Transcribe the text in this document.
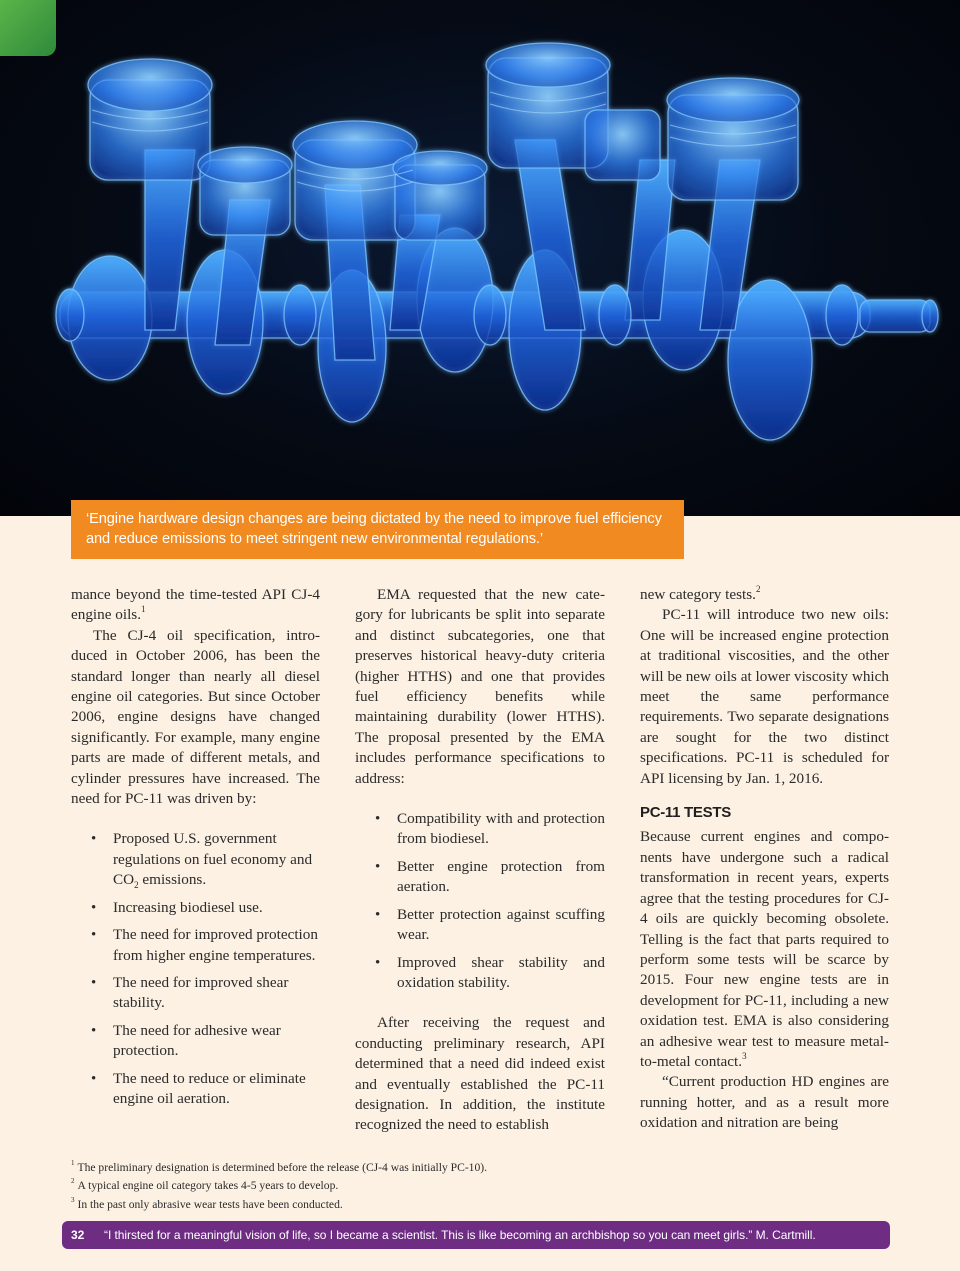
‘Engine hardware design changes are being dictated by the need to improve fuel efficiency
and reduce emissions to meet stringent new environmental regulations.’

mance beyond the time-tested API CJ-4 engine oils.$^1$

The CJ-4 oil specification, introduced in October 2006, has been the standard longer than nearly all diesel engine oil categories. But since October 2006, engine designs have changed significantly. For example, many engine parts are made of different metals, and cylinder pressures have increased. The need for PC-11 was driven by:

• Proposed U.S. government regulations on fuel economy and $CO_2$ emissions.
• Increasing biodiesel use.
• The need for improved protection from higher engine temperatures.
• The need for improved shear stability.
• The need for adhesive wear protection.
• The need to reduce or eliminate engine oil aeration.

EMA requested that the new category for lubricants be split into separate and distinct subcategories, one that preserves historical heavy-duty criteria (higher HTHS) and one that provides fuel efficiency benefits while maintaining durability (lower HTHS). The proposal presented by the EMA includes performance specifications to address:

• Compatibility with and protection from biodiesel.
• Better engine protection from aeration.
• Better protection against scuffing wear.
• Improved shear stability and oxidation stability.

After receiving the request and conducting preliminary research, API determined that a need did indeed exist and eventually established the PC-11 designation. In addition, the institute recognized the need to establish

new category tests.$^2$

PC-11 will introduce two new oils: One will be increased engine protection at traditional viscosities, and the other will be new oils at lower viscosity which meet the same performance requirements. Two separate designations are sought for the two distinct specifications. PC-11 is scheduled for API licensing by Jan. 1, 2016.

PC-11 TESTS

Because current engines and components have undergone such a radical transformation in recent years, experts agree that the testing procedures for CJ-4 oils are quickly becoming obsolete. Telling is the fact that parts required to perform some tests will be scarce by 2015. Four new engine tests are in development for PC-11, including a new oxidation test. EMA is also considering an adhesive wear test to measure metal-to-metal contact.$^3$

“Current production HD engines are running hotter, and as a result more oxidation and nitration are being

$^1$ The preliminary designation is determined before the release (CJ-4 was initially PC-10).
$^2$ A typical engine oil category takes 4-5 years to develop.
$^3$ In the past only abrasive wear tests have been conducted.
32 “I thirsted for a meaningful vision of life, so I became a scientist. This is like becoming an archbishop so you can meet girls.” M. Cartmill.
